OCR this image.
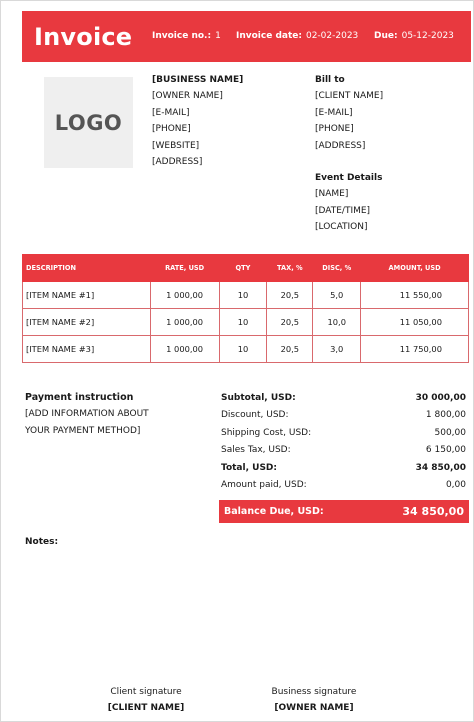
Invoice	Invoice no.: 1 Invoice date: 02-02-2023 Due: 05-12-2023
LOGO
[BUSINESS NAME]
[OWNER NAME]
[E-MAIL]
[PHONE]
[WEBSITE]
[ADDRESS]
Bill to
[CLIENT NAME]
[E-MAIL]
[PHONE]
[ADDRESS]
Event Details
[NAME]
[DATE/TIME]
[LOCATION]
DESCRIPTION	RATE, USD	QTY	TAX, %	DISC, %	AMOUNT, USD
[ITEM NAME #1]	1 000,00	10	20,5	5,0	11 550,00
[ITEM NAME #2]	1 000,00	10	20,5	10,0	11 050,00
[ITEM NAME #3]	1 000,00	10	20,5	3,0	11 750,00
Payment instruction
[ADD INFORMATION ABOUT
YOUR PAYMENT METHOD]
Subtotal, USD:	30 000,00
Discount, USD:	1 800,00
Shipping Cost, USD:	500,00
Sales Tax, USD:	6 150,00
Total, USD:	34 850,00
Amount paid, USD:	0,00
Balance Due, USD:	34 850,00
Notes:
Client signature
[CLIENT NAME]
Business signature
[OWNER NAME]
